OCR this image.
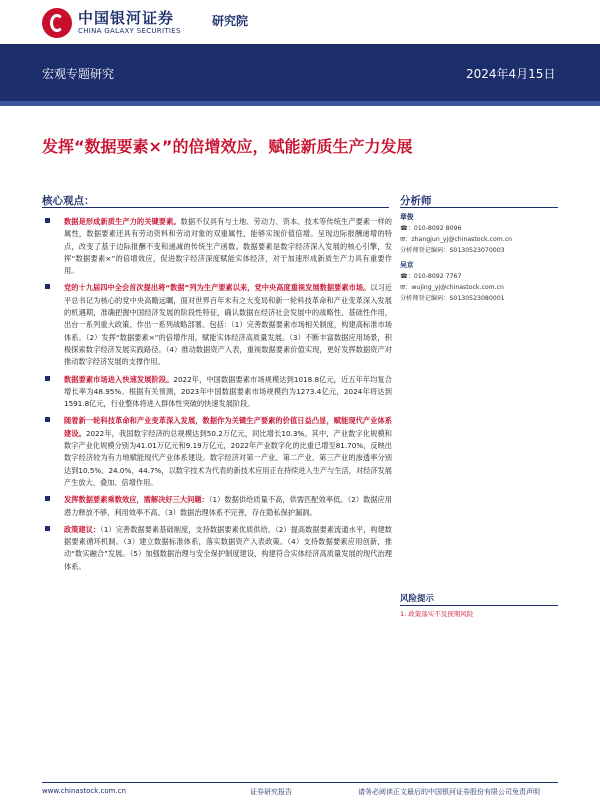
中国银河证券
CHINA GALAXY SECURITIES
研究院
宏观专题研究	2024年4月15日
发挥“数据要素×”的倍增效应，赋能新质生产力发展
核心观点：
数据是形成新质生产力的关键要素。数据不仅具有与土地、劳动力、资本、技术等传统生产要素一样的属性，数据要素还具有劳动资料和劳动对象的双重属性，能够实现价值倍增。呈现边际报酬递增的特点，改变了基于边际报酬不变和递减的传统生产函数。数据要素是数字经济深入发展的核心引擎，发挥“数据要素×”的倍增效应，促进数字经济深度赋能实体经济，对于加速形成新质生产力具有重要作用。
党的十九届四中全会首次提出将“数据”列为生产要素以来，党中央高度重视发展数据要素市场。以习近平总书记为核心的党中央高瞻远瞩，面对世界百年未有之大变局和新一轮科技革命和产业变革深入发展的机遇期，准确把握中国经济发展的阶段性特征，确认数据在经济社会发展中的战略性、基础性作用，出台一系列重大政策、作出一系列战略部署。包括：（1）完善数据要素市场相关制度，构建高标准市场体系。（2）发挥“数据要素×”的倍增作用，赋能实体经济高质量发展。（3）不断丰富数据应用场景，积极探索数字经济发展实践路径。（4）推动数据资产入表，重视数据要素价值实现，更好发挥数据资产对推动数字经济发展的支撑作用。
数据要素市场进入快速发展阶段。2022年，中国数据要素市场规模达到1018.8亿元，近五年年均复合增长率为48.95%。根据有关预测，2023年中国数据要素市场规模约为1273.4亿元，2024年将达到1591.8亿元，行业整体将进入群体性突破的快速发展阶段。
随着新一轮科技革命和产业变革深入发展，数据作为关键生产要素的价值日益凸显，赋能现代产业体系建设。2022年，我国数字经济的总规模达到50.2万亿元，同比增长10.3%。其中，产业数字化规模和数字产业化规模分别为41.01万亿元和9.19万亿元，2022年产业数字化的比重已增至81.70%，反映出数字经济较为有力地赋能现代产业体系建设。数字经济对第一产业、第二产业、第三产业的渗透率分别达到10.5%、24.0%、44.7%，以数字技术为代表的新技术应用正在持续进入生产与生活，对经济发展产生放大、叠加、倍增作用。
发挥数据要素乘数效应，需解决好三大问题：（1）数据供给质量不高，供需匹配效率低。（2）数据应用潜力释放不够，利用效率不高。（3）数据治理体系不完善，存在隐私保护漏洞。
政策建议：（1）完善数据要素基础制度，支持数据要素优质供给。（2）提高数据要素流通水平，构建数据要素循环机制。（3）建立数据标准体系，落实数据资产入表政策。（4）支持数据要素应用创新，推动“数实融合”发展。（5）加强数据治理与安全保护制度建设，构建符合实体经济高质量发展的现代治理体系。
分析师
章俊
☎：010-8092 8096
✉：zhangjun_yj@chinastock.com.cn
分析师登记编码：S0130523070003
吴京
☎：010-8092 7767
✉：wujing_yj@chinastock.com.cn
分析师登记编码：S0130523080001
风险提示
1. 政策落实不及预期风险
www.chinastock.com.cn	证券研究报告	请务必阅读正文最后的中国银河证券股份有限公司免责声明
